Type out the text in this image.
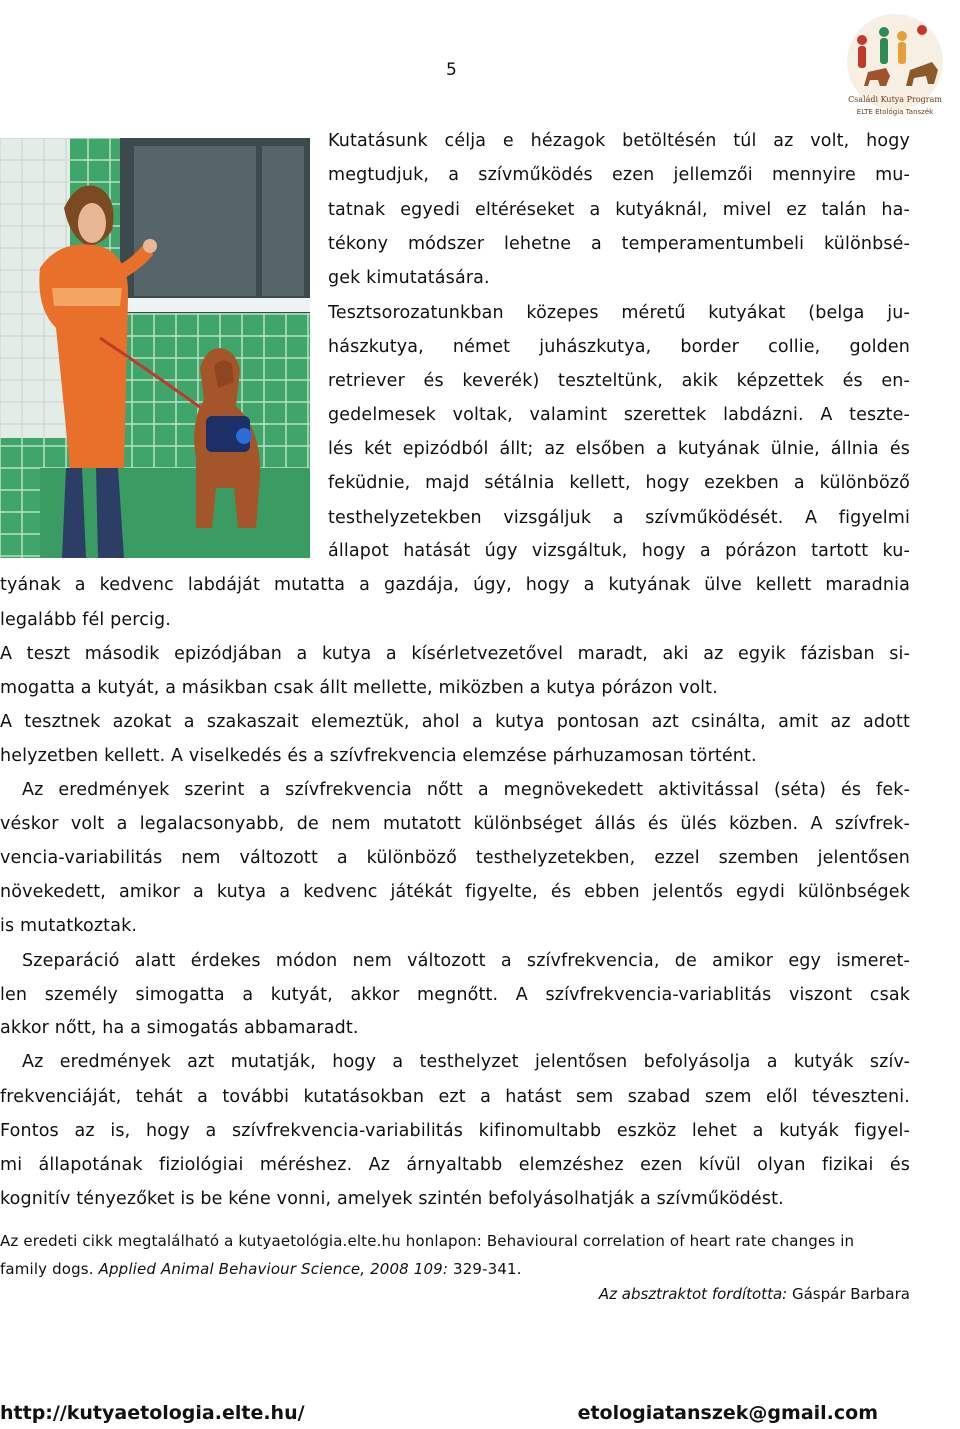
5
Családi Kutya Program
ELTE Etológia Tanszék
Kutatásunk célja e hézagok betöltésén túl az volt, hogy
megtudjuk, a szívműködés ezen jellemzői mennyire mu-
tatnak egyedi eltéréseket a kutyáknál, mivel ez talán ha-
tékony módszer lehetne a temperamentumbeli különbsé-
gek kimutatására.
Tesztsorozatunkban közepes méretű kutyákat (belga ju-
hászkutya, német juhászkutya, border collie, golden
retriever és keverék) teszteltünk, akik képzettek és en-
gedelmesek voltak, valamint szerettek labdázni. A teszte-
lés két epizódból állt; az elsőben a kutyának ülnie, állnia és
feküdnie, majd sétálnia kellett, hogy ezekben a különböző
testhelyzetekben vizsgáljuk a szívműködését. A figyelmi
állapot hatását úgy vizsgáltuk, hogy a pórázon tartott ku-
tyának a kedvenc labdáját mutatta a gazdája, úgy, hogy a kutyának ülve kellett maradnia
legalább fél percig.
A teszt második epizódjában a kutya a kísérletvezetővel maradt, aki az egyik fázisban si-
mogatta a kutyát, a másikban csak állt mellette, miközben a kutya pórázon volt.
A tesztnek azokat a szakaszait elemeztük, ahol a kutya pontosan azt csinálta, amit az adott
helyzetben kellett. A viselkedés és a szívfrekvencia elemzése párhuzamosan történt.
Az eredmények szerint a szívfrekvencia nőtt a megnövekedett aktivitással (séta) és fek-
véskor volt a legalacsonyabb, de nem mutatott különbséget állás és ülés közben. A szívfrek-
vencia-variabilitás nem változott a különböző testhelyzetekben, ezzel szemben jelentősen
növekedett, amikor a kutya a kedvenc játékát figyelte, és ebben jelentős egydi különbségek
is mutatkoztak.
Szeparáció alatt érdekes módon nem változott a szívfrekvencia, de amikor egy ismeret-
len személy simogatta a kutyát, akkor megnőtt. A szívfrekvencia-variablitás viszont csak
akkor nőtt, ha a simogatás abbamaradt.
Az eredmények azt mutatják, hogy a testhelyzet jelentősen befolyásolja a kutyák szív-
frekvenciáját, tehát a további kutatásokban ezt a hatást sem szabad szem elől téveszteni.
Fontos az is, hogy a szívfrekvencia-variabilitás kifinomultabb eszköz lehet a kutyák figyel-
mi állapotának fiziológiai méréshez. Az árnyaltabb elemzéshez ezen kívül olyan fizikai és
kognitív tényezőket is be kéne vonni, amelyek szintén befolyásolhatják a szívműködést.
Az eredeti cikk megtalálható a kutyaetológia.elte.hu honlapon: Behavioural correlation of heart rate changes in
family dogs. Applied Animal Behaviour Science, 2008 109: 329-341.
Az absztraktot fordította: Gáspár Barbara
http://kutyaetologia.elte.hu/	etologiatanszek@gmail.com
